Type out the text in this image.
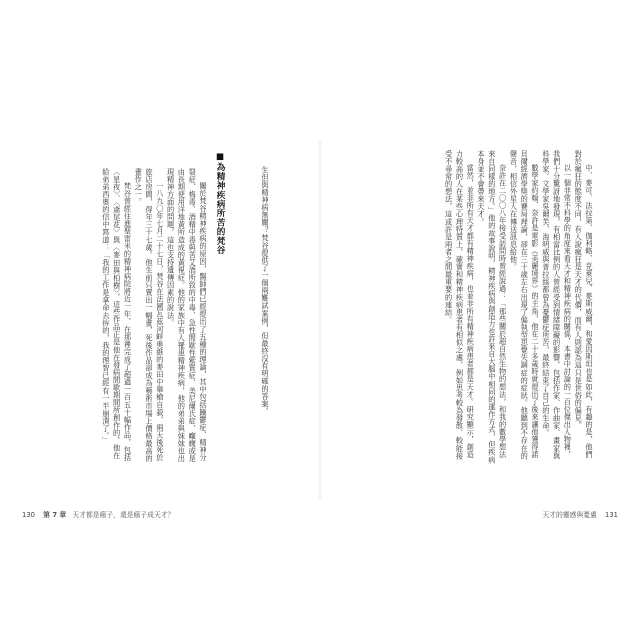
生但與精神病無關？梵谷提供了一個兩難試案例，但最終沒有明確的答案。

■為精神疾病所苦的梵谷

關於梵谷精神疾病的原因，醫師們已經提出了五種的理論，其中包括躁鬱症、精神分裂症、梅毒、酒精中毒與苦艾酒所致的中毒、急性間歇性紫質症、美尼爾氏症、癲癇或是由長期使用洋地黃所造成的黃視症。他的家族中有人罹患精神疾病，他的弟弟與妹妹也出現精神方面的問題，這也支持遺傳因素的說法。

一八九〇年七月二十七日，梵谷在法國瓦茲河畔奧維的麥田中舉槍自殺，兩天後死於旅店房間，得年三十七歲。他生前只賣出一幅畫，死後作品卻成為藝術市場上價格最高的畫作之一。

梵谷曾經住進聖雷米的精神病院將近一年，在那裡完成了超過一百五十幅作品，包括〈星夜〉、〈鳶尾花〉與〈麥田與柏樹〉，這些作品正是他在發病間歇期間所創作的。他在給弟弟西奧的信中寫道：「我的工作是拿命去拚的，我的理智已經有一半崩潰了。」

130 第 7 章 天才都是瘋子，還是瘋子成天才？

中、麥可．法拉第、伽利略、克萊兒、麥斯威爾，和愛因斯坦也是如此，有趣的是，他們對於瘋狂的態度不同，有人說瘋狂是天才的代價，而有人則認為這只是世俗的偏見。

以一個非常不科學的角度來看天才和精神疾病的關係，本書中討論的一百位傑出人物裡，我們十分驚訝地發現，有相當比例的人曾經受到情緒障礙的影響，包括作家、作曲家、畫家與科學家。文學家吳爾芙、海明威與普拉絲都曾為憂鬱症所苦，最終結束了自己的生命。

數學家約翰．奈許是電影《美麗境界》的主角，他在二十多歲時就提出了後來讓他獲得諾貝爾經濟學獎的賽局理論，卻在三十歲左右出現了偏執型思覺失調症的症狀。他聽到不存在的聲音，相信外星人在傳送訊息給他。

奈許在二〇〇八年接受訪問時曾經說過：「那些關於超自然生物的想法，和我的數學想法來自同樣的地方。」他的故事說明，精神疾病與創造力也許來自大腦中相同的運作方式，但疾病本身並不會帶來天才。

當然，並非所有天才都有精神疾病，也並非所有精神疾病患者都是天才。研究顯示，創造力較高的人在某些心理特質上，確實和精神疾病患者有相似之處，例如思考較為發散、較能接受不尋常的想法，這或許是兩者之間最重要的連結。

天才的靈感與憂慮 131
